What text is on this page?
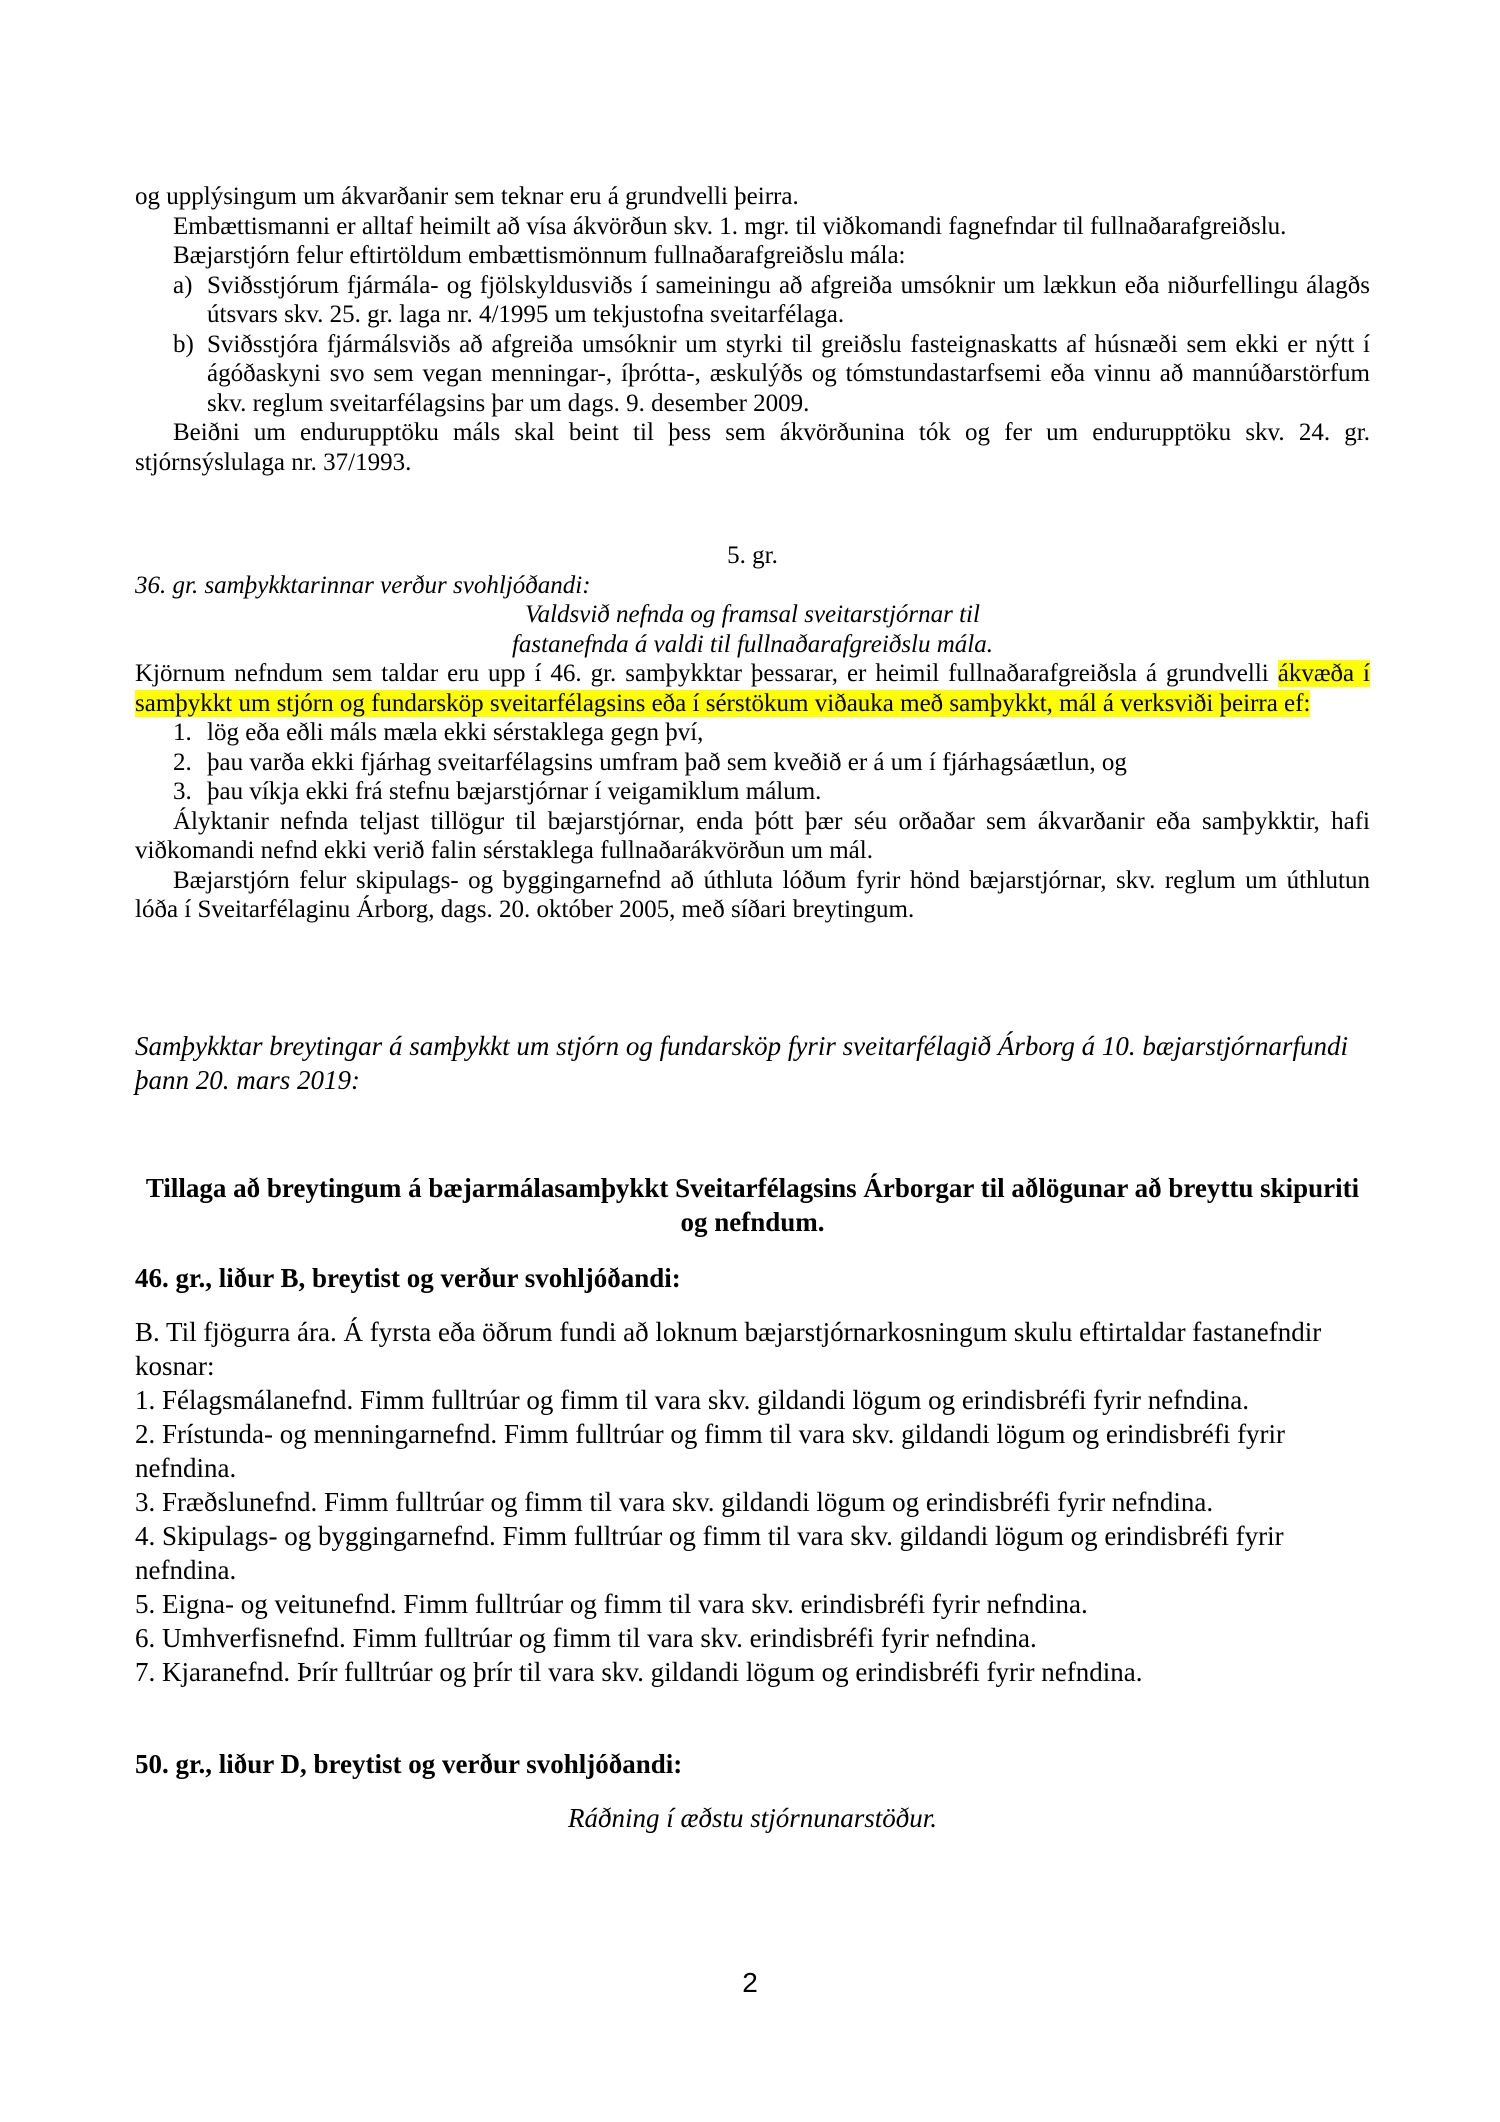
og upplýsingum um ákvarðanir sem teknar eru á grundvelli þeirra.

Embættismanni er alltaf heimilt að vísa ákvörðun skv. 1. mgr. til viðkomandi fagnefndar til fullnaðarafgreiðslu.

Bæjarstjórn felur eftirtöldum embættismönnum fullnaðarafgreiðslu mála:

a) Sviðsstjórum fjármála- og fjölskyldusviðs í sameiningu að afgreiða umsóknir um lækkun eða niðurfellingu álagðs útsvars skv. 25. gr. laga nr. 4/1995 um tekjustofna sveitarfélaga.

b) Sviðsstjóra fjármálsviðs að afgreiða umsóknir um styrki til greiðslu fasteignaskatts af húsnæði sem ekki er nýtt í ágóðaskyni svo sem vegan menningar-, íþrótta-, æskulýðs og tómstundastarfsemi eða vinnu að mannúðarstörfum skv. reglum sveitarfélagsins þar um dags. 9. desember 2009.

Beiðni um endurupptöku máls skal beint til þess sem ákvörðunina tók og fer um endurupptöku skv. 24. gr. stjórnsýslulaga nr. 37/1993.

5. gr.

36. gr. samþykktarinnar verður svohljóðandi:

Valdsvið nefnda og framsal sveitarstjórnar til

fastanefnda á valdi til fullnaðarafgreiðslu mála.

Kjörnum nefndum sem taldar eru upp í 46. gr. samþykktar þessarar, er heimil fullnaðarafgreiðsla á grundvelli ákvæða í samþykkt um stjórn og fundarsköp sveitarfélagsins eða í sérstökum viðauka með samþykkt, mál á verksviði þeirra ef:

1. lög eða eðli máls mæla ekki sérstaklega gegn því,

2. þau varða ekki fjárhag sveitarfélagsins umfram það sem kveðið er á um í fjárhagsáætlun, og

3. þau víkja ekki frá stefnu bæjarstjórnar í veigamiklum málum.

Ályktanir nefnda teljast tillögur til bæjarstjórnar, enda þótt þær séu orðaðar sem ákvarðanir eða samþykktir, hafi viðkomandi nefnd ekki verið falin sérstaklega fullnaðarákvörðun um mál.

Bæjarstjórn felur skipulags- og byggingarnefnd að úthluta lóðum fyrir hönd bæjarstjórnar, skv. reglum um úthlutun lóða í Sveitarfélaginu Árborg, dags. 20. október 2005, með síðari breytingum.

Samþykktar breytingar á samþykkt um stjórn og fundarsköp fyrir sveitarfélagið Árborg á 10. bæjarstjórnarfundi þann 20. mars 2019:

Tillaga að breytingum á bæjarmálasamþykkt Sveitarfélagsins Árborgar til aðlögunar að breyttu skipuriti og nefndum.

46. gr., liður B, breytist og verður svohljóðandi:

B. Til fjögurra ára. Á fyrsta eða öðrum fundi að loknum bæjarstjórnarkosningum skulu eftirtaldar fastanefndir kosnar:

1. Félagsmálanefnd. Fimm fulltrúar og fimm til vara skv. gildandi lögum og erindisbréfi fyrir nefndina.

2. Frístunda- og menningarnefnd. Fimm fulltrúar og fimm til vara skv. gildandi lögum og erindisbréfi fyrir nefndina.

3. Fræðslunefnd. Fimm fulltrúar og fimm til vara skv. gildandi lögum og erindisbréfi fyrir nefndina.

4. Skipulags- og byggingarnefnd. Fimm fulltrúar og fimm til vara skv. gildandi lögum og erindisbréfi fyrir nefndina.

5. Eigna- og veitunefnd. Fimm fulltrúar og fimm til vara skv. erindisbréfi fyrir nefndina.

6. Umhverfisnefnd. Fimm fulltrúar og fimm til vara skv. erindisbréfi fyrir nefndina.

7. Kjaranefnd. Þrír fulltrúar og þrír til vara skv. gildandi lögum og erindisbréfi fyrir nefndina.

50. gr., liður D, breytist og verður svohljóðandi:

Ráðning í æðstu stjórnunarstöður.

2
